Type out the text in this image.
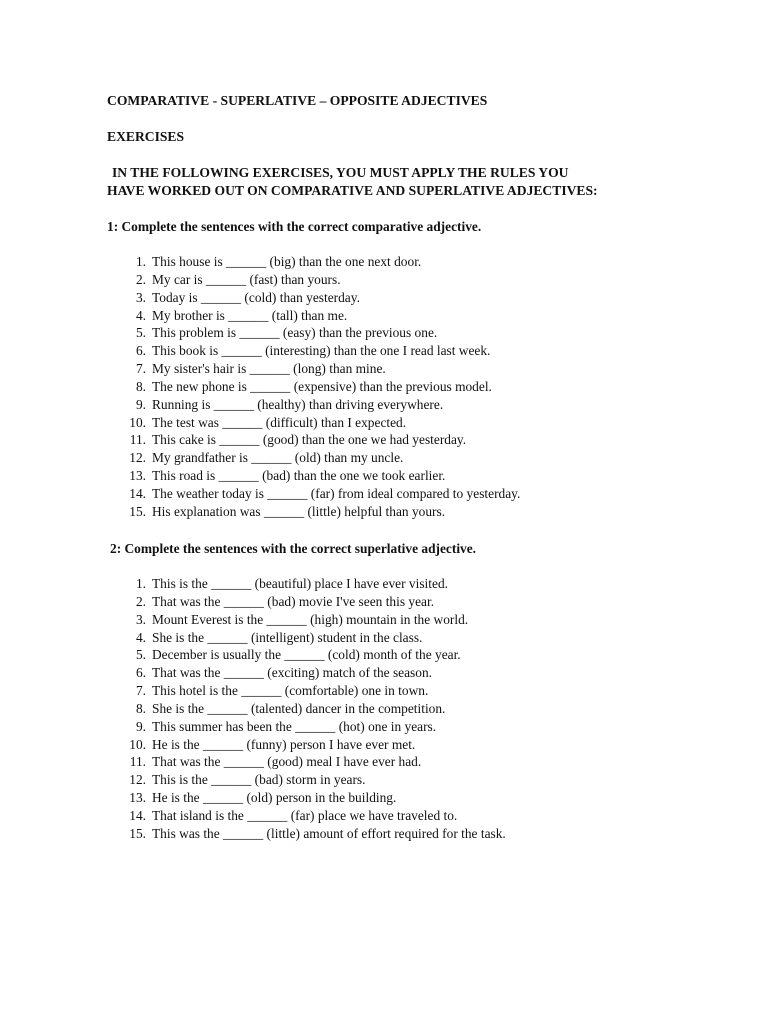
COMPARATIVE - SUPERLATIVE – OPPOSITE ADJECTIVES
EXERCISES
IN THE FOLLOWING EXERCISES, YOU MUST APPLY THE RULES YOU
HAVE WORKED OUT ON COMPARATIVE AND SUPERLATIVE ADJECTIVES:
1: Complete the sentences with the correct comparative adjective.
1. This house is ______ (big) than the one next door.
2. My car is ______ (fast) than yours.
3. Today is ______ (cold) than yesterday.
4. My brother is ______ (tall) than me.
5. This problem is ______ (easy) than the previous one.
6. This book is ______ (interesting) than the one I read last week.
7. My sister's hair is ______ (long) than mine.
8. The new phone is ______ (expensive) than the previous model.
9. Running is ______ (healthy) than driving everywhere.
10. The test was ______ (difficult) than I expected.
11. This cake is ______ (good) than the one we had yesterday.
12. My grandfather is ______ (old) than my uncle.
13. This road is ______ (bad) than the one we took earlier.
14. The weather today is ______ (far) from ideal compared to yesterday.
15. His explanation was ______ (little) helpful than yours.
2: Complete the sentences with the correct superlative adjective.
1. This is the ______ (beautiful) place I have ever visited.
2. That was the ______ (bad) movie I've seen this year.
3. Mount Everest is the ______ (high) mountain in the world.
4. She is the ______ (intelligent) student in the class.
5. December is usually the ______ (cold) month of the year.
6. That was the ______ (exciting) match of the season.
7. This hotel is the ______ (comfortable) one in town.
8. She is the ______ (talented) dancer in the competition.
9. This summer has been the ______ (hot) one in years.
10. He is the ______ (funny) person I have ever met.
11. That was the ______ (good) meal I have ever had.
12. This is the ______ (bad) storm in years.
13. He is the ______ (old) person in the building.
14. That island is the ______ (far) place we have traveled to.
15. This was the ______ (little) amount of effort required for the task.
